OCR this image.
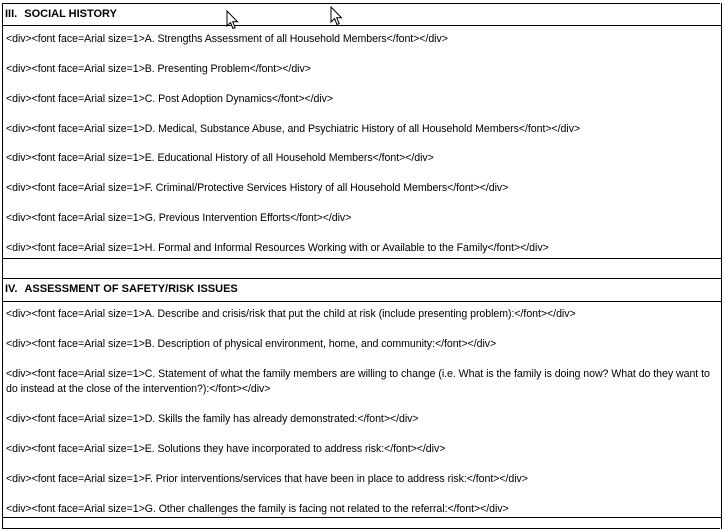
III. SOCIAL HISTORY
<div><font face=Arial size=1>A. Strengths Assessment of all Household Members</font></div>
<div><font face=Arial size=1>B. Presenting Problem</font></div>
<div><font face=Arial size=1>C. Post Adoption Dynamics</font></div>
<div><font face=Arial size=1>D. Medical, Substance Abuse, and Psychiatric History of all Household Members</font></div>
<div><font face=Arial size=1>E. Educational History of all Household Members</font></div>
<div><font face=Arial size=1>F. Criminal/Protective Services History of all Household Members</font></div>
<div><font face=Arial size=1>G. Previous Intervention Efforts</font></div>
<div><font face=Arial size=1>H. Formal and Informal Resources Working with or Available to the Family</font></div>
IV. ASSESSMENT OF SAFETY/RISK ISSUES
<div><font face=Arial size=1>A. Describe and crisis/risk that put the child at risk (include presenting problem):</font></div>
<div><font face=Arial size=1>B. Description of physical environment, home, and community:</font></div>
<div><font face=Arial size=1>C. Statement of what the family members are willing to change (i.e. What is the family is doing now? What do they want to do instead at the close of the intervention?):</font></div>
<div><font face=Arial size=1>D. Skills the family has already demonstrated:</font></div>
<div><font face=Arial size=1>E. Solutions they have incorporated to address risk:</font></div>
<div><font face=Arial size=1>F. Prior interventions/services that have been in place to address risk:</font></div>
<div><font face=Arial size=1>G. Other challenges the family is facing not related to the referral:</font></div>
